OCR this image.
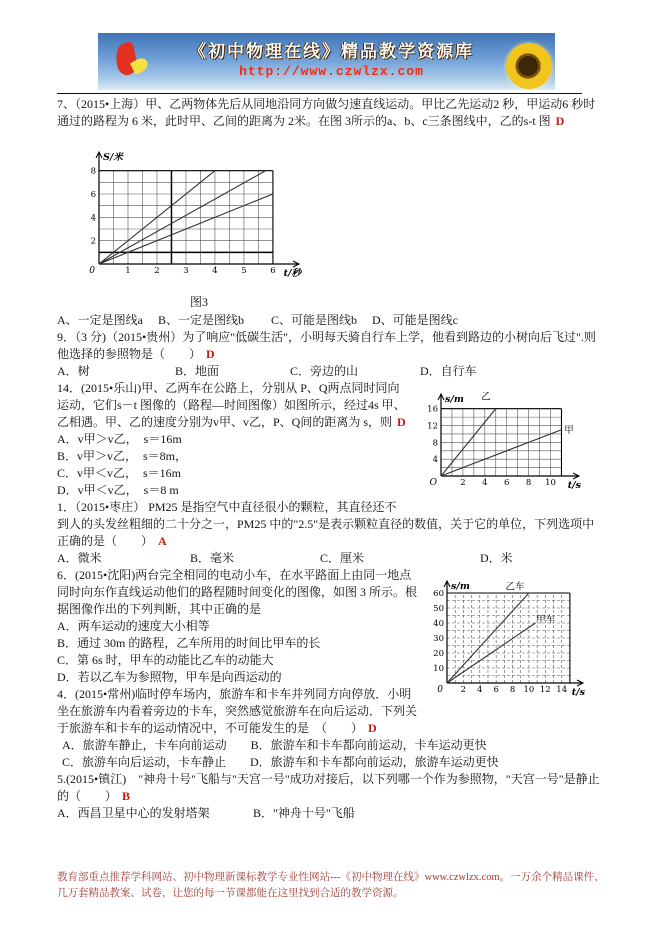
《初中物理在线》精品教学资源库
http://www.czwlzx.com

7、（2015•上海）甲、乙两物体先后从同地沿同方向做匀速直线运动。甲比乙先运动2 秒，甲运动6 秒时通过的路程为 6 米，此时甲、乙间的距离为 2米。在图 3所示的a、b、c三条图线中，乙的s-t 图 D

1	2	3	4	5	6
2
4
6
8
0
S/米
t/秒
图3

A、一定是图线a　 B、一定是图线b　　 C、可能是图线b 　D、可能是图线c

9．（3 分)（2015•贵州）为了响应"低碳生活"，小明每天骑自行车上学，他看到路边的小树向后飞过".则他选择的参照物是（　　） D

A．树	B．地面	C．旁边的山	D．自行车
2 4 6 8 10
4
8
12
16
O
s/m
t/s
乙
甲

14．(2015•乐山)甲、乙两车在公路上，分别从 P、Q两点同时同向运动，它们s－t 图像的（路程—时间图像）如图所示，经过4s 甲、乙相遇。甲、乙的速度分别为v甲、v乙，P、Q间的距离为 s，则 D

A．v甲＞v乙，　s＝16m

B．v甲＞v乙，　s＝8m，

C．v甲＜v乙，　s＝16m

D．v甲＜v乙，　s＝8 m

1．（2015•枣庄） PM25 是指空气中直径很小的颗粒，其直径还不到人的头发丝粗细的二十分之一，PM25 中的"2.5"是表示颗粒直径的数值，关于它的单位，下列选项中正确的是（　　） A

A．微米	B．毫米	C．厘米	D．米
2 4 6 8 10 12 14
10
20
30
40
50
60
0
s/m
t/s
乙车
甲车

6．(2015•沈阳)两台完全相同的电动小车，在水平路面上由同一地点同时向东作直线运动他们的路程随时间变化的图像，如图 3 所示。根据图像作出的下列判断，其中正确的是

A．两车运动的速度大小相等

B．通过 30m 的路程，乙车所用的时间比甲车的长

C．第 6s 时，甲车的动能比乙车的动能大

D．若以乙车为参照物，甲车是向西运动的

4．(2015•常州)临时停车场内，旅游车和卡车并列同方向停放．小明坐在旅游车内看着旁边的卡车，突然感觉旅游车在向后运动．下列关于旅游车和卡车的运动情况中，不可能发生的是　（　　） D

A．旅游车静止，卡车向前运动　　B．旅游车和卡车都向前运动，卡车运动更快
C．旅游车向后运动，卡车静止　　D．旅游车和卡车都向前运动，旅游车运动更快

5.(2015•镇江)　"神舟十号"飞船与"天宫一号"成功对接后，以下列哪一个作为参照物，"天宫一号"是静止的（　　） B

A．西昌卫星中心的发射塔架	B．"神舟十号"飞船
教育部重点推荐学科网站、初中物理新课标教学专业性网站---《初中物理在线》www.czwlzx.com。一万余个精品课件、
几万套精品教案、试卷，让您的每一节课都能在这里找到合适的教学资源。
